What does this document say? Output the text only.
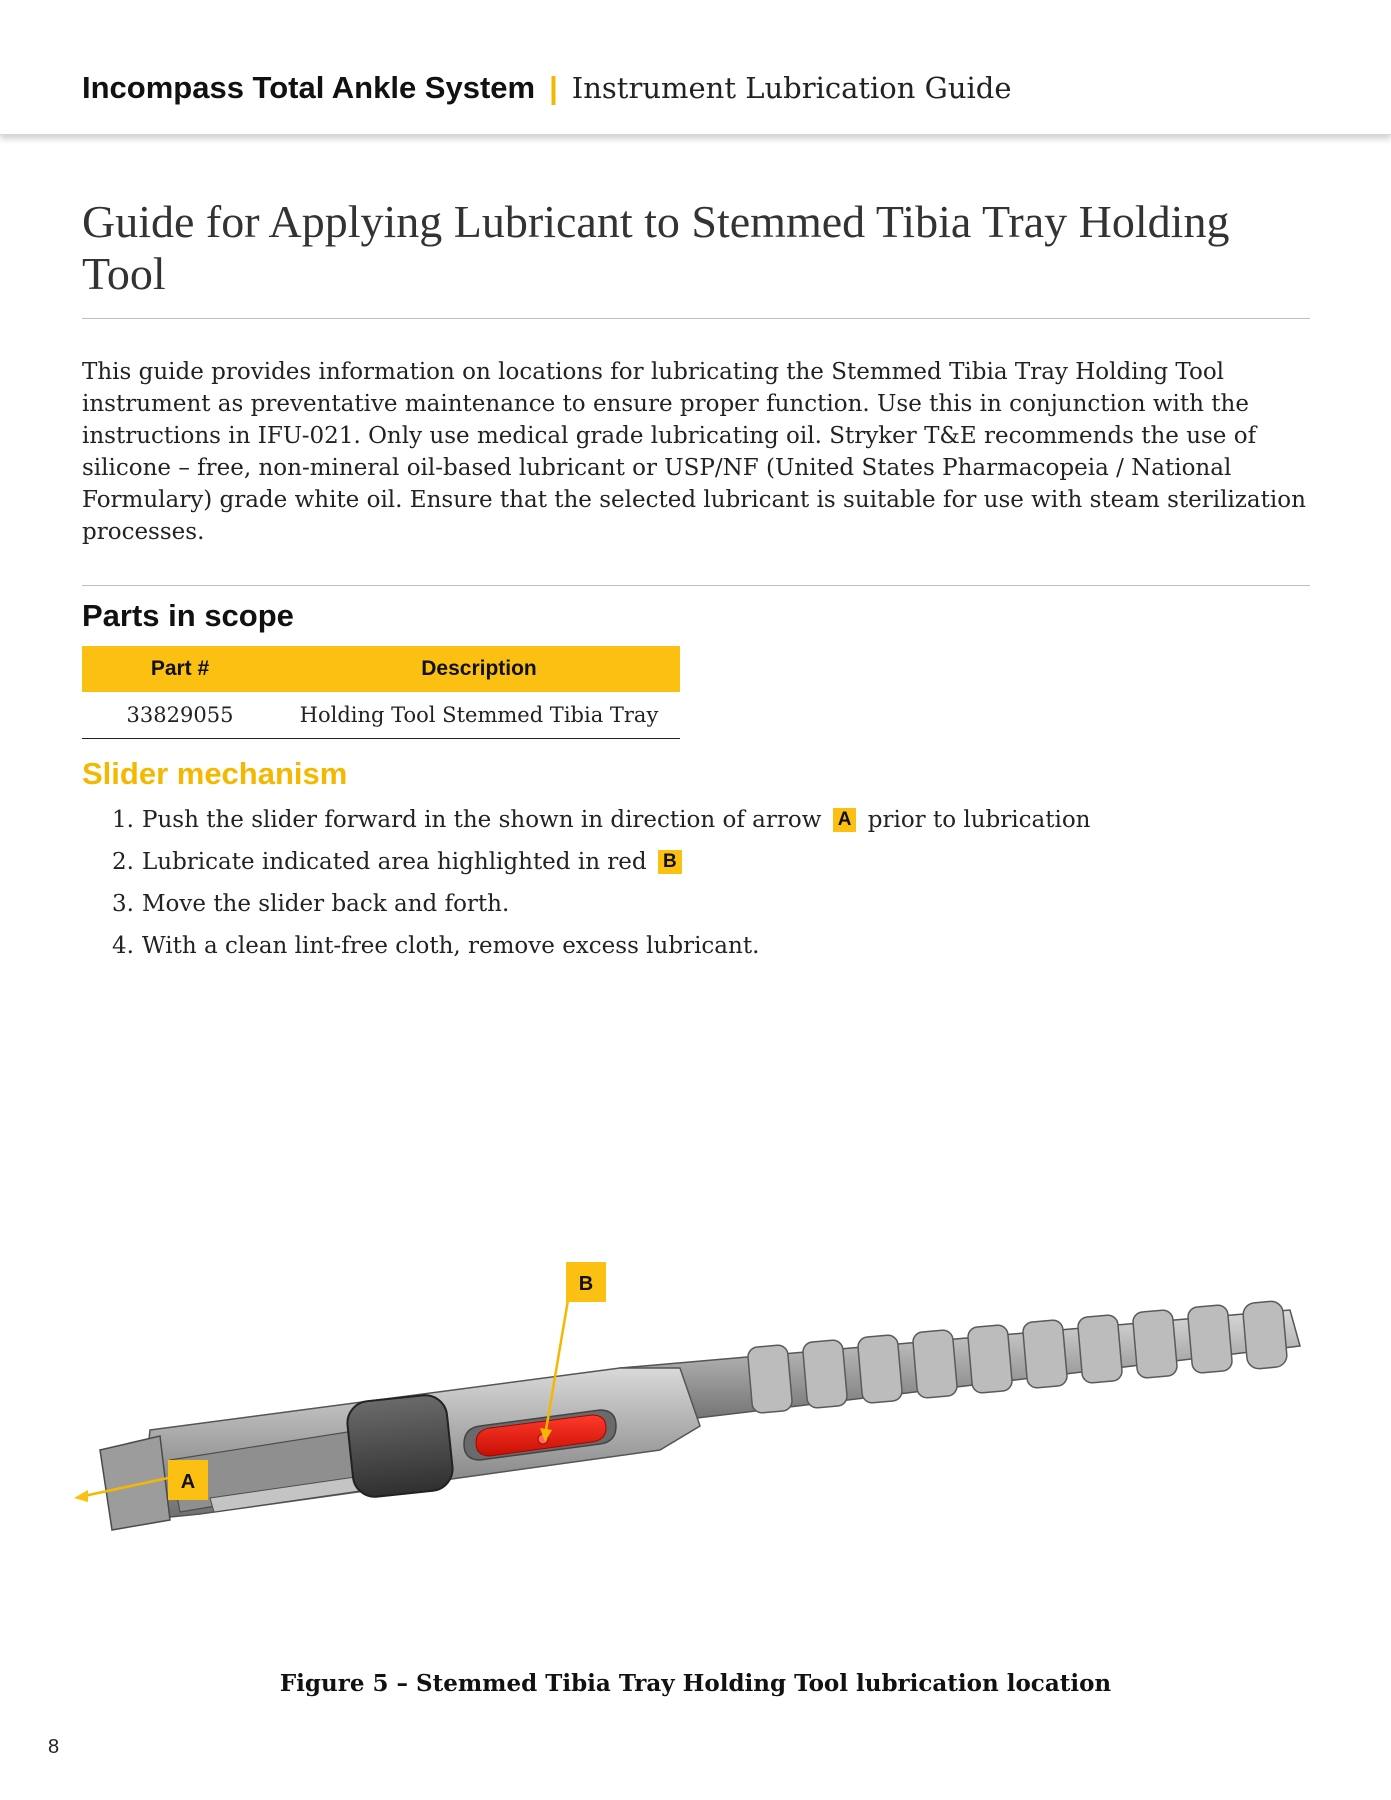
Incompass Total Ankle System | Instrument Lubrication Guide
Guide for Applying Lubricant to Stemmed Tibia Tray Holding Tool

This guide provides information on locations for lubricating the Stemmed Tibia Tray Holding Tool instrument as preventative maintenance to ensure proper function. Use this in conjunction with the instructions in IFU-021. Only use medical grade lubricating oil. Stryker T&E recommends the use of silicone – free, non-mineral oil-based lubricant or USP/NF (United States Pharmacopeia / National Formulary) grade white oil. Ensure that the selected lubricant is suitable for use with steam sterilization processes.

Parts in scope
Part #	Description
33829055	Holding Tool Stemmed Tibia Tray
Slider mechanism
1. Push the slider forward in the shown in direction of arrow A prior to lubrication
2. Lubricate indicated area highlighted in red B
3. Move the slider back and forth.
4. With a clean lint-free cloth, remove excess lubricant.
B
A

Figure 5 – Stemmed Tibia Tray Holding Tool lubrication location

8
